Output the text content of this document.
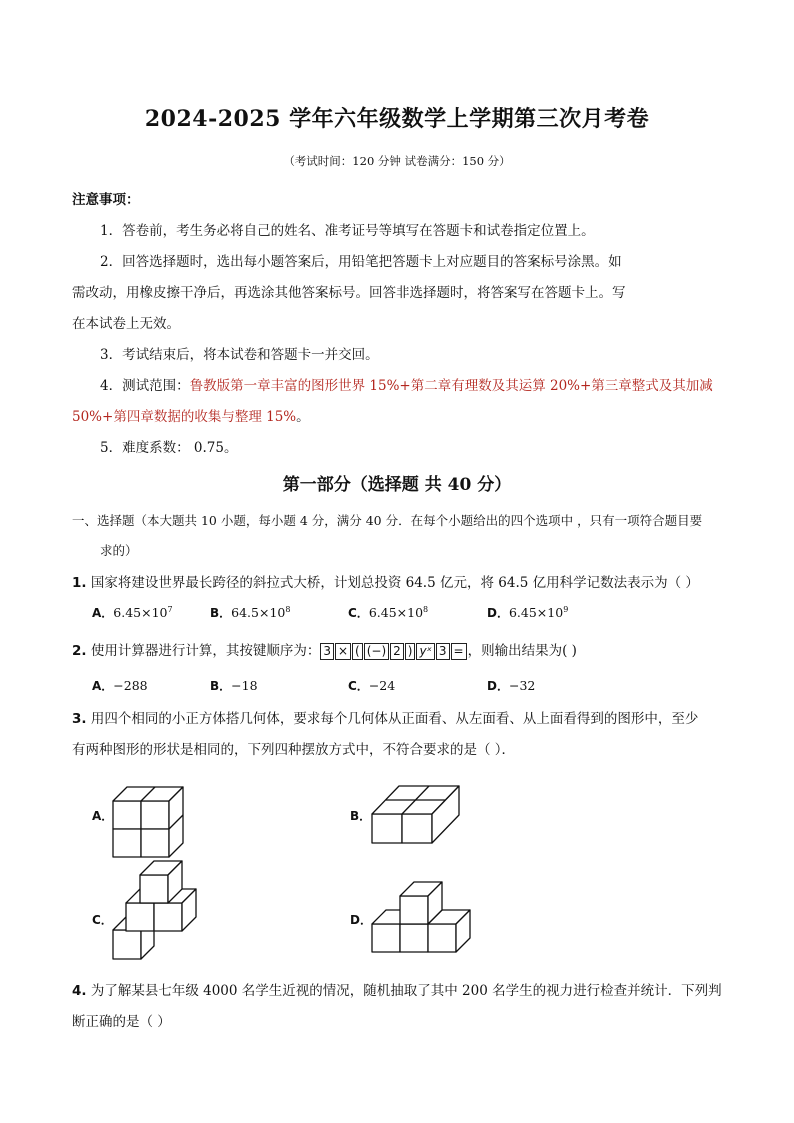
2024-2025 学年六年级数学上学期第三次月考卷
（考试时间：120 分钟 试卷满分：150 分）
注意事项：
1．答卷前，考生务必将自己的姓名、准考证号等填写在答题卡和试卷指定位置上。
2．回答选择题时，选出每小题答案后，用铅笔把答题卡上对应题目的答案标号涂黑。如
需改动，用橡皮擦干净后，再选涂其他答案标号。回答非选择题时，将答案写在答题卡上。写
在本试卷上无效。
3．考试结束后，将本试卷和答题卡一并交回。
4．测试范围：鲁教版第一章丰富的图形世界 15%+第二章有理数及其运算 20%+第三章整式及其加减
50%+第四章数据的收集与整理 15%。
5．难度系数： 0.75。
第一部分（选择题 共 40 分）
一、选择题（本大题共 10 小题，每小题 4 分，满分 40 分．在每个小题给出的四个选项中 ，只有一项符合题目要
求的）
1. 国家将建设世界最长跨径的斜拉式大桥，计划总投资 64.5 亿元，将 64.5 亿用科学记数法表示为（ ）
A．$6.45\times 10^7$	B．$64.5\times 10^8$	C．$6.45\times 10^8$	D．$6.45\times 10^9$
2. 使用计算器进行计算，其按键顺序为： 3 × ( (−) 2 ) yˣ 3 = ，则输出结果为( )
A．−288	B．−18	C．−24	D．−32
3. 用四个相同的小正方体搭几何体，要求每个几何体从正面看、从左面看、从上面看得到的图形中，至少
有两种图形的形状是相同的，下列四种摆放方式中，不符合要求的是（ ）．
A．	B．
C．	D．
4. 为了解某县七年级 4000 名学生近视的情况，随机抽取了其中 200 名学生的视力进行检查并统计．下列判
断正确的是（ ）
